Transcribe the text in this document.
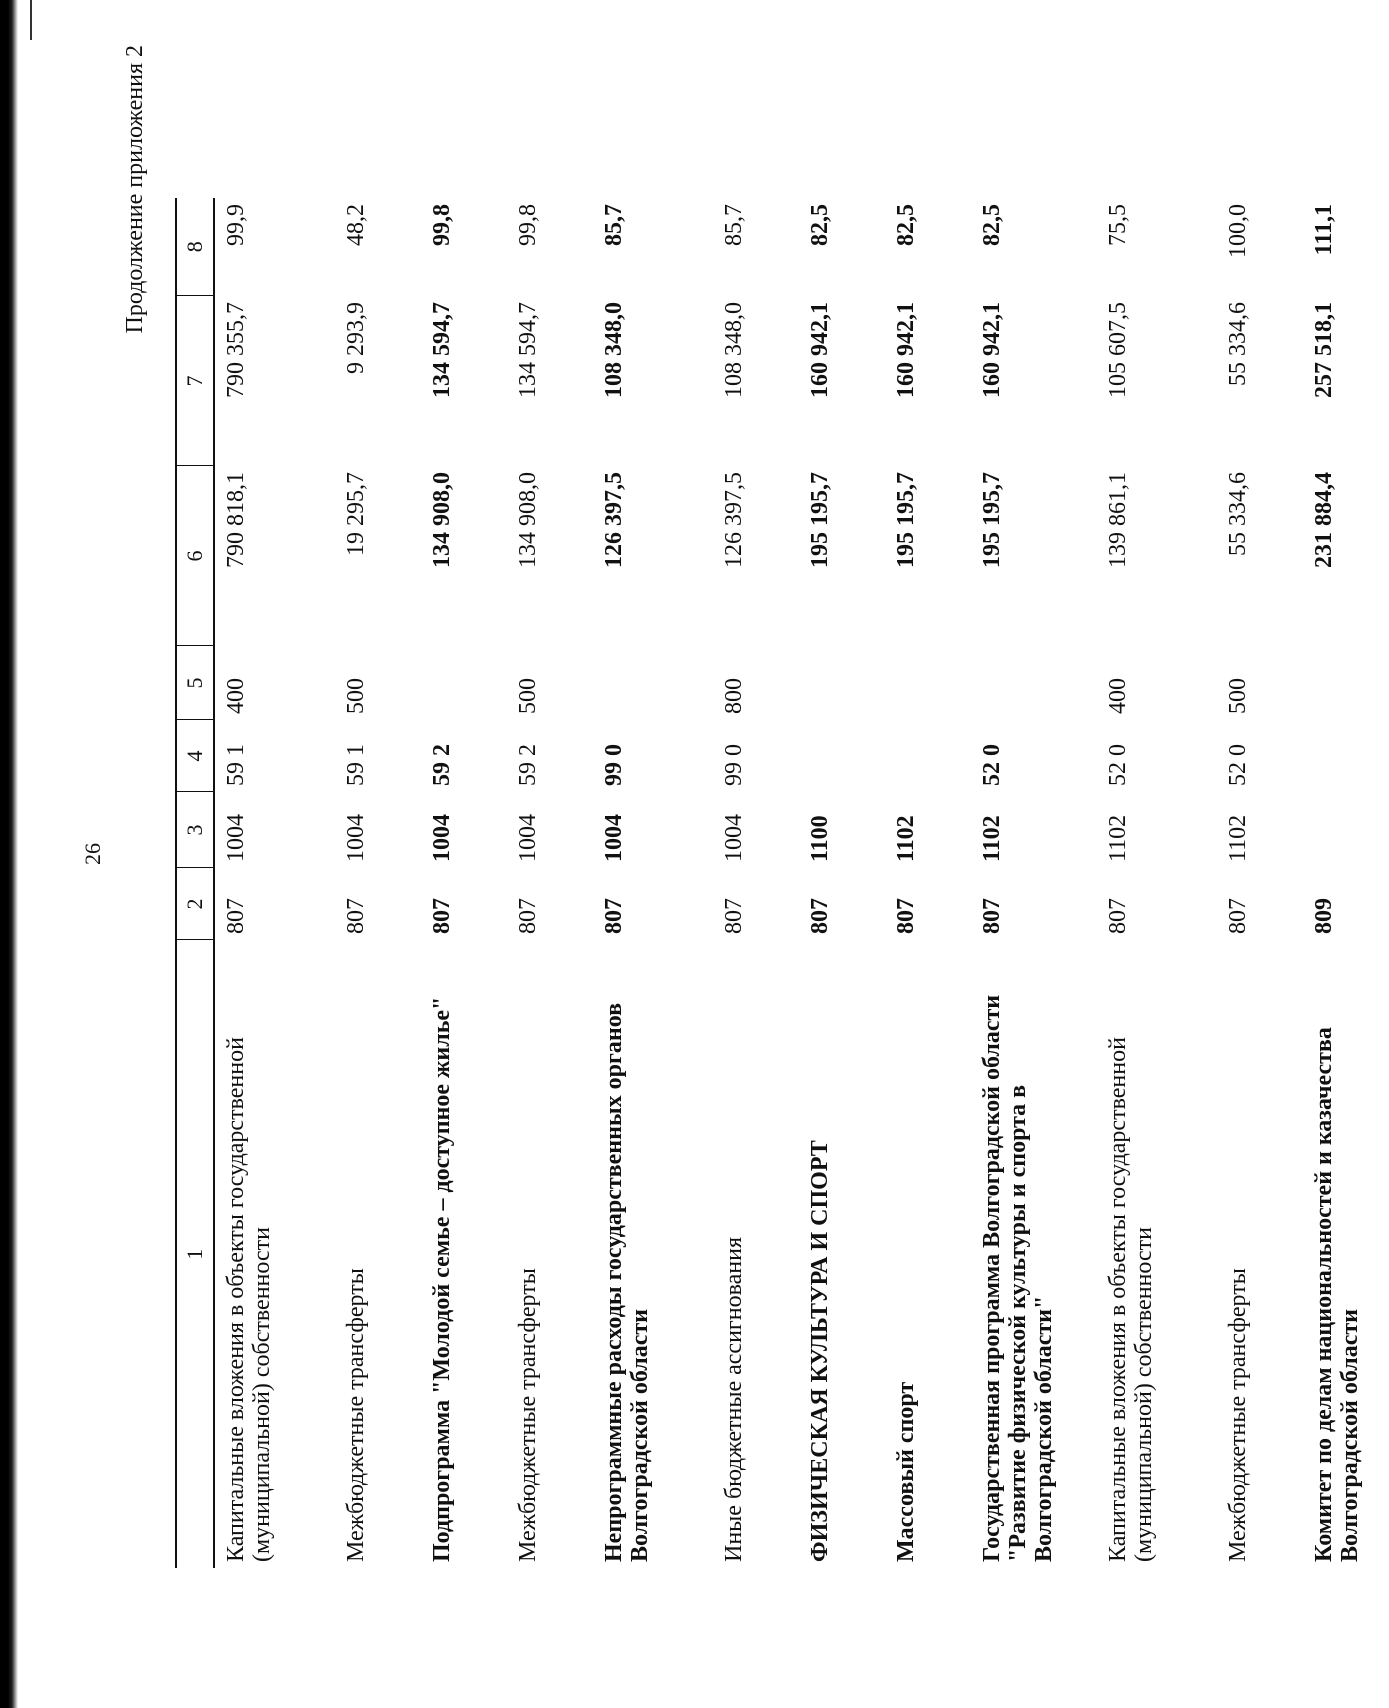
26
Продолжение приложения 2
1	2	3	4	5	6	7	8
Капитальные вложения в объекты государственной (муниципальной) собственности	807	1004	59 1	400	790 818,1	790 355,7	99,9
Межбюджетные трансферты	807	1004	59 1	500	19 295,7	9 293,9	48,2
Подпрограмма "Молодой семье – доступное жилье"	807	1004	59 2		134 908,0	134 594,7	99,8
Межбюджетные трансферты	807	1004	59 2	500	134 908,0	134 594,7	99,8
Непрограммные расходы государственных органов Волгоградской области	807	1004	99 0		126 397,5	108 348,0	85,7
Иные бюджетные ассигнования	807	1004	99 0	800	126 397,5	108 348,0	85,7
ФИЗИЧЕСКАЯ КУЛЬТУРА И СПОРТ	807	1100			195 195,7	160 942,1	82,5
Массовый спорт	807	1102			195 195,7	160 942,1	82,5
Государственная программа Волгоградской области "Развитие физической культуры и спорта в Волгоградской области"	807	1102	52 0		195 195,7	160 942,1	82,5
Капитальные вложения в объекты государственной (муниципальной) собственности	807	1102	52 0	400	139 861,1	105 607,5	75,5
Межбюджетные трансферты	807	1102	52 0	500	55 334,6	55 334,6	100,0
Комитет по делам национальностей и казачества Волгоградской области	809				231 884,4	257 518,1	111,1
